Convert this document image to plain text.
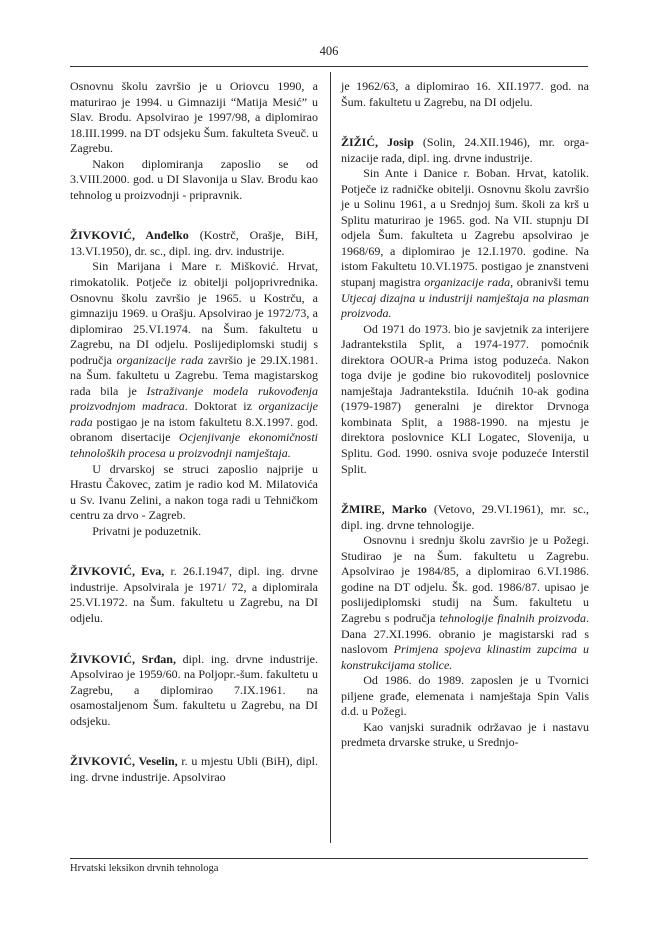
406

Osnovnu školu završio je u Oriovcu 1990, a maturirao je 1994. u Gimnaziji “Matija Mesić” u Slav. Brodu. Apsolvirao je 1997/98, a diplomirao 18.III.1999. na DT odsjeku Šum. fakulteta Sveuč. u Zagrebu.

Nakon diplomiranja zaposlio se od 3.VIII.2000. god. u DI Slavonija u Slav. Brodu kao tehnolog u proizvodnji - pripravnik.

ŽIVKOVIĆ, Anđelko (Kostrč, Orašje, BiH, 13.VI.1950), dr. sc., dipl. ing. drv. industrije.

Sin Marijana i Mare r. Mišković. Hrvat, rimokatolik. Potječe iz obitelji poljoprivrednika. Osnovnu školu završio je 1965. u Kostrču, a gimnaziju 1969. u Orašju. Apsolvirao je 1972/73, a diplomirao 25.VI.1974. na Šum. fakultetu u Zagrebu, na DI odjelu. Poslijediplomski studij s područja organizacije rada završio je 29.IX.1981. na Šum. fakultetu u Zagrebu. Tema magistarskog rada bila je Istraživanje modela rukovođenja proizvodnjom madraca. Doktorat iz organizacije rada postigao je na istom fakultetu 8.X.1997. god. obranom disertacije Ocjenjivanje ekonomičnosti tehnoloških procesa u proizvodnji namještaja.

U drvarskoj se struci zaposlio najprije u Hrastu Čakovec, zatim je radio kod M. Milatovića u Sv. Ivanu Zelini, a nakon toga radi u Tehničkom centru za drvo - Zagreb.

Privatni je poduzetnik.

ŽIVKOVIĆ, Eva, r. 26.I.1947, dipl. ing. drvne industrije. Apsolvirala je 1971/ 72, a diplomirala 25.VI.1972. na Šum. fakultetu u Zagrebu, na DI odjelu.

ŽIVKOVIĆ, Srđan, dipl. ing. drvne industrije. Apsolvirao je 1959/60. na Poljopr.-šum. fakultetu u Zagrebu, a diplomirao 7.IX.1961. na osamostaljenom Šum. fakultetu u Zagrebu, na DI odsjeku.

ŽIVKOVIĆ, Veselin, r. u mjestu Ubli (BiH), dipl. ing. drvne industrije. Apsolvirao

je 1962/63, a diplomirao 16. XII.1977. god. na Šum. fakultetu u Zagrebu, na DI odjelu.

ŽIŽIĆ, Josip (Solin, 24.XII.1946), mr. orga-nizacije rada, dipl. ing. drvne industrije.

Sin Ante i Danice r. Boban. Hrvat, katolik. Potječe iz radničke obitelji. Osnovnu školu završio je u Solinu 1961, a u Srednjoj šum. školi za krš u Splitu maturirao je 1965. god. Na VII. stupnju DI odjela Šum. fakulteta u Zagrebu apsolvirao je 1968/69, a diplomirao je 12.I.1970. godine. Na istom Fakultetu 10.VI.1975. postigao je znanstveni stupanj magistra organizacije rada, obranivši temu Utjecaj dizajna u industriji namještaja na plasman proizvoda.

Od 1971 do 1973. bio je savjetnik za interijere Jadrantekstila Split, a 1974-1977. pomoćnik direktora OOUR-a Prima istog poduzeća. Nakon toga dvije je godine bio rukovoditelj poslovnice namještaja Jadrantekstila. Idućnih 10-ak godina (1979-1987) generalni je direktor Drvnoga kombinata Split, a 1988-1990. na mjestu je direktora poslovnice KLI Logatec, Slovenija, u Splitu. God. 1990. osniva svoje poduzeće Interstil Split.

ŽMIRE, Marko (Vetovo, 29.VI.1961), mr. sc., dipl. ing. drvne tehnologije.

Osnovnu i srednju školu završio je u Požegi. Studirao je na Šum. fakultetu u Zagrebu. Apsolvirao je 1984/85, a diplomirao 6.VI.1986. godine na DT odjelu. Šk. god. 1986/87. upisao je poslijediplomski studij na Šum. fakultetu u Zagrebu s područja tehnologije finalnih proizvoda. Dana 27.XI.1996. obranio je magistarski rad s naslovom Primjena spojeva klinastim zupcima u konstrukcijama stolice.

Od 1986. do 1989. zaposlen je u Tvornici piljene građe, elemenata i namještaja Spin Valis d.d. u Požegi.

Kao vanjski suradnik održavao je i nastavu predmeta drvarske struke, u Srednjo-

Hrvatski leksikon drvnih tehnologa
